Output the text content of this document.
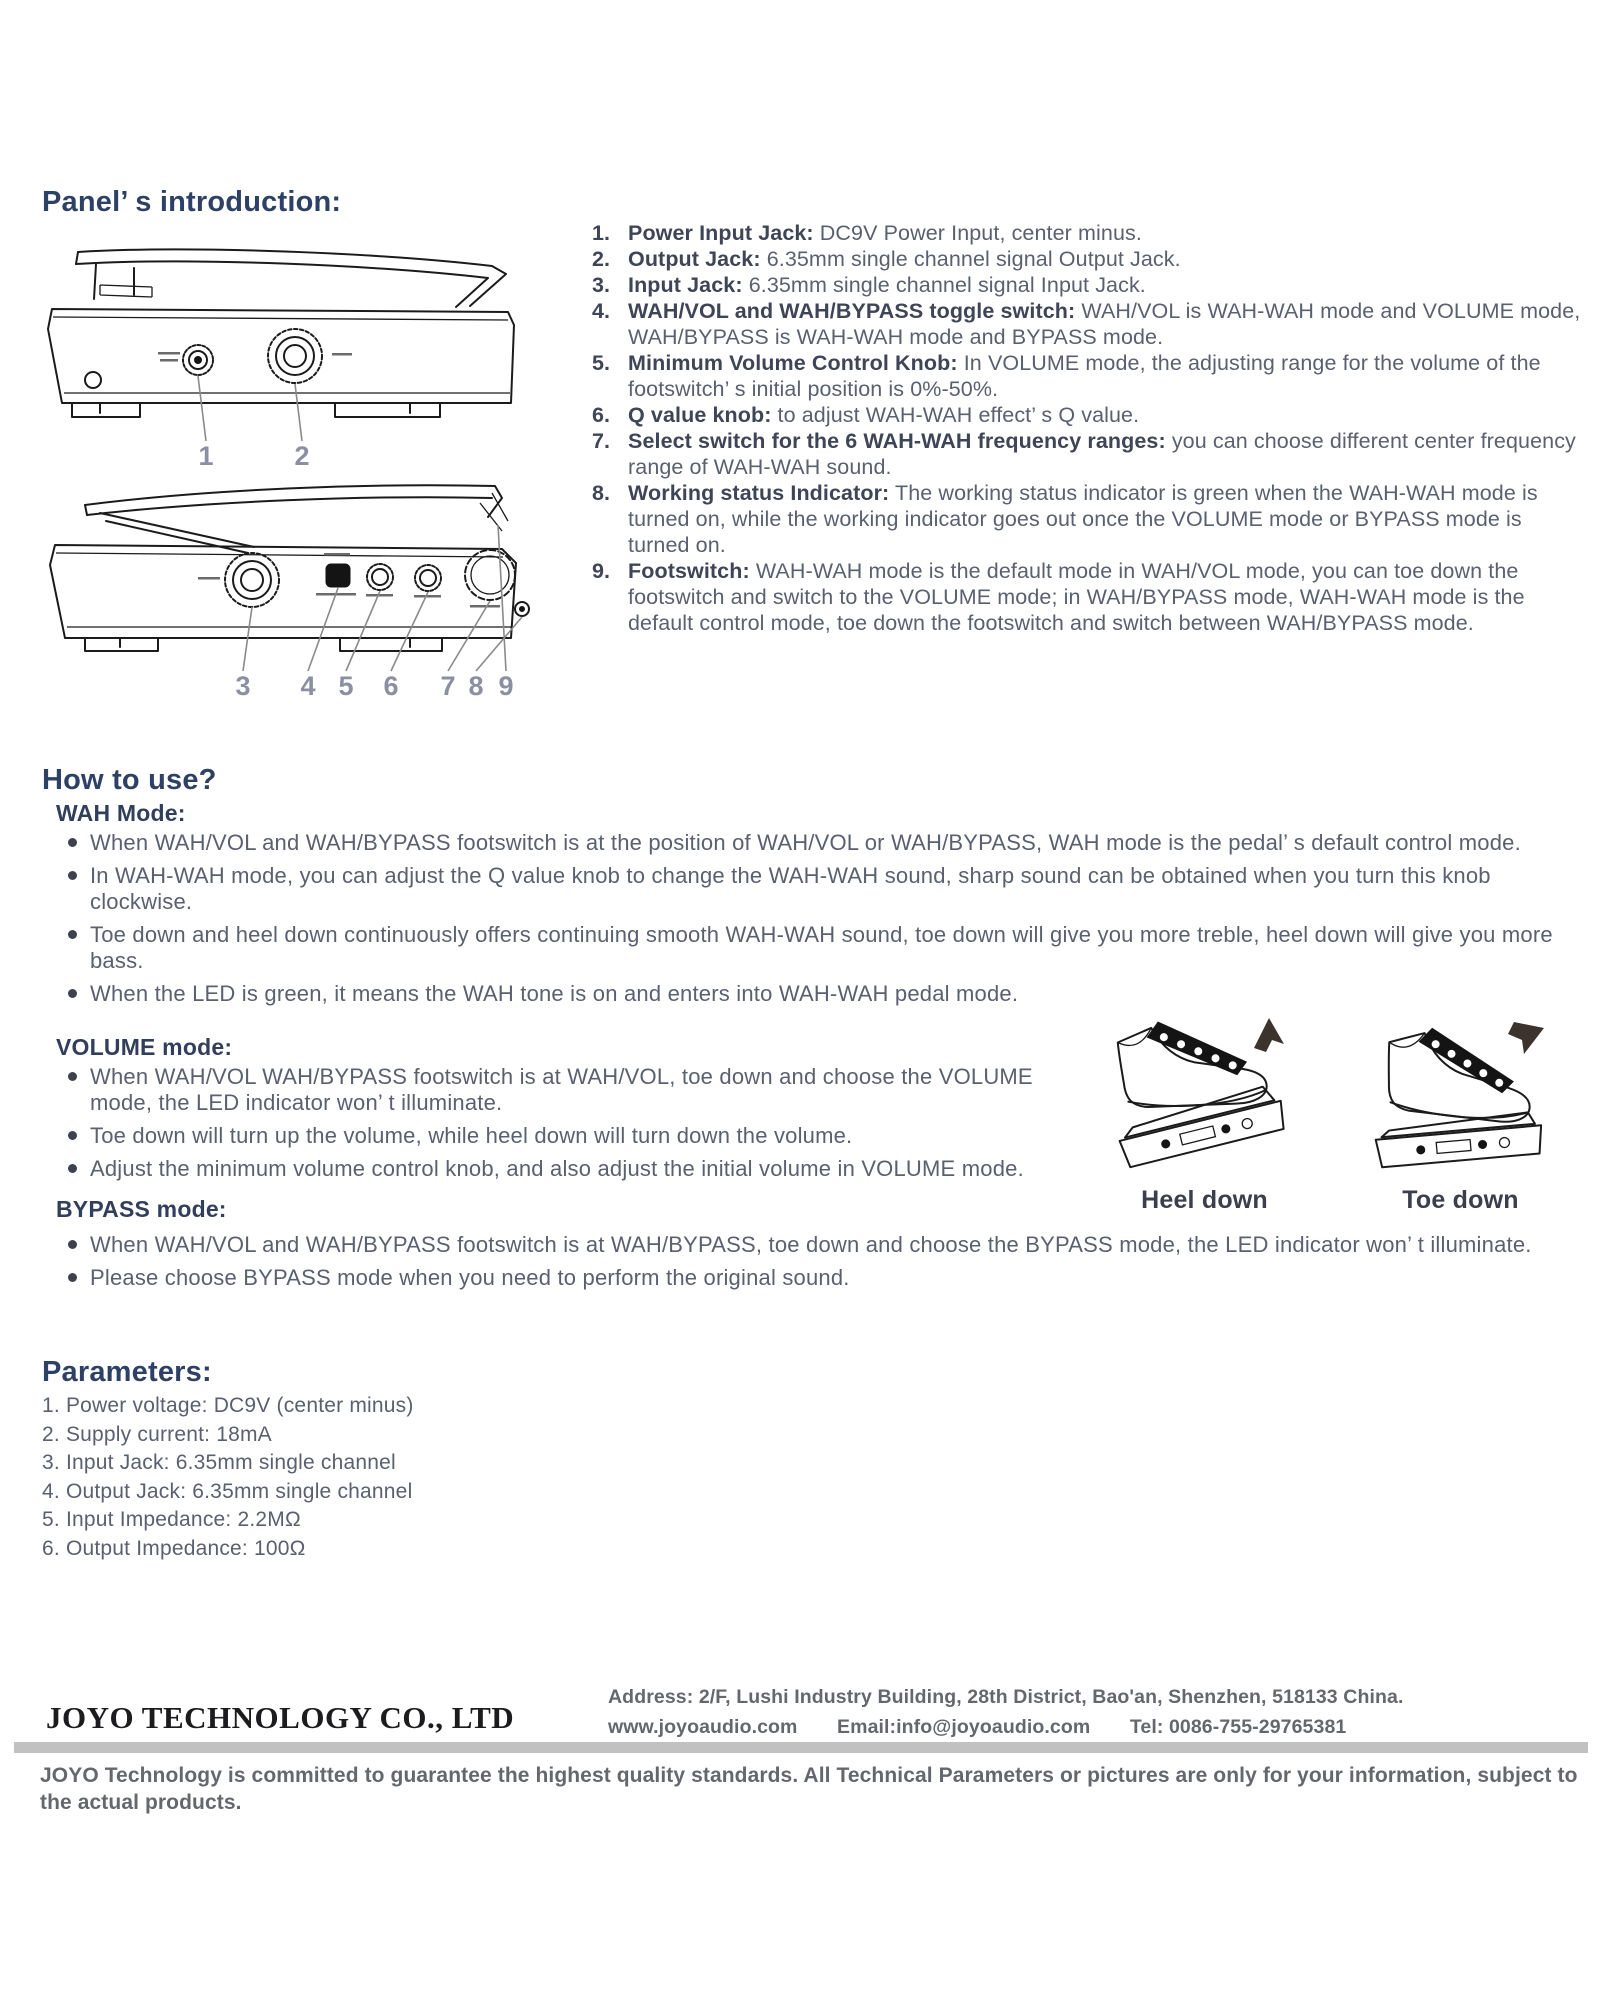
Panel’ s introduction:
1	2
3 4 5 6 7 8 9
1. Power Input Jack: DC9V Power Input, center minus.
2. Output Jack: 6.35mm single channel signal Output Jack.
3. Input Jack: 6.35mm single channel signal Input Jack.
4. WAH/VOL and WAH/BYPASS toggle switch: WAH/VOL is WAH-WAH mode and VOLUME mode, WAH/BYPASS is WAH-WAH mode and BYPASS mode.
5. Minimum Volume Control Knob: In VOLUME mode, the adjusting range for the volume of the footswitch’ s initial position is 0%-50%.
6. Q value knob: to adjust WAH-WAH effect’ s Q value.
7. Select switch for the 6 WAH-WAH frequency ranges: you can choose different center frequency range of WAH-WAH sound.
8. Working status Indicator: The working status indicator is green when the WAH-WAH mode is turned on, while the working indicator goes out once the VOLUME mode or BYPASS mode is turned on.
9. Footswitch: WAH-WAH mode is the default mode in WAH/VOL mode, you can toe down the footswitch and switch to the VOLUME mode; in WAH/BYPASS mode, WAH-WAH mode is the default control mode, toe down the footswitch and switch between WAH/BYPASS mode.
How to use?
WAH Mode:
When WAH/VOL and WAH/BYPASS footswitch is at the position of WAH/VOL or WAH/BYPASS, WAH mode is the pedal’ s default control mode.
In WAH-WAH mode, you can adjust the Q value knob to change the WAH-WAH sound, sharp sound can be obtained when you turn this knob clockwise.
Toe down and heel down continuously offers continuing smooth WAH-WAH sound, toe down will give you more treble, heel down will give you more bass.
When the LED is green, it means the WAH tone is on and enters into WAH-WAH pedal mode.
VOLUME mode:
When WAH/VOL WAH/BYPASS footswitch is at WAH/VOL, toe down and choose the VOLUME mode, the LED indicator won’ t illuminate.
Toe down will turn up the volume, while heel down will turn down the volume.
Adjust the minimum volume control knob, and also adjust the initial volume in VOLUME mode.
Heel down	Toe down
BYPASS mode:
When WAH/VOL and WAH/BYPASS footswitch is at WAH/BYPASS, toe down and choose the BYPASS mode, the LED indicator won’ t illuminate.
Please choose BYPASS mode when you need to perform the original sound.
Parameters:
1. Power voltage: DC9V (center minus)
2. Supply current: 18mA
3. Input Jack: 6.35mm single channel
4. Output Jack: 6.35mm single channel
5. Input Impedance: 2.2MΩ
6. Output Impedance: 100Ω
JOYO TECHNOLOGY CO., LTD
Address: 2/F, Lushi Industry Building, 28th District, Bao'an, Shenzhen, 518133 China.
www.joyoaudio.com Email:info@joyoaudio.com Tel: 0086-755-29765381
JOYO Technology is committed to guarantee the highest quality standards. All Technical Parameters or pictures are only for your information, subject to the actual products.
